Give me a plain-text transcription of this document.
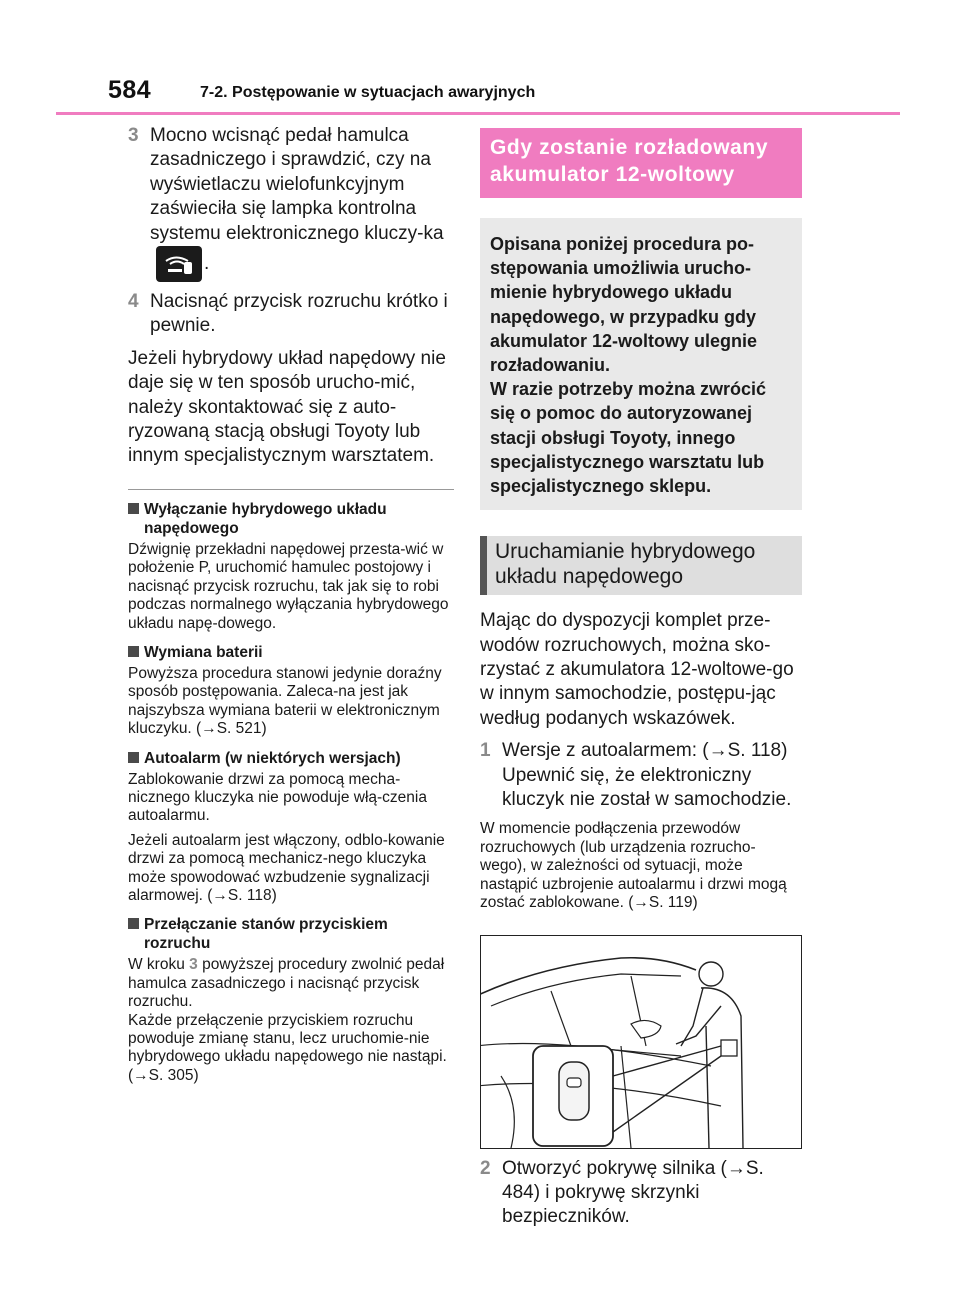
584	7-2. Postępowanie w sytuacjach awaryjnych
3 Mocno wcisnąć pedał hamulca zasadniczego i sprawdzić, czy na wyświetlaczu wielofunkcyjnym zaświeciła się lampka kontrolna systemu elektronicznego kluczy-ka
.
4 Nacisnąć przycisk rozruchu krótko i pewnie.
Jeżeli hybrydowy układ napędowy nie daje się w ten sposób urucho-mić, należy skontaktować się z auto-ryzowaną stacją obsługi Toyoty lub innym specjalistycznym warsztatem.
Wyłączanie hybrydowego układu napędowego
Dźwignię przekładni napędowej przesta-wić w położenie P, uruchomić hamulec postojowy i nacisnąć przycisk rozruchu, tak jak się to robi podczas normalnego wyłączania hybrydowego układu napę-dowego.
Wymiana baterii
Powyższa procedura stanowi jedynie doraźny sposób postępowania. Zaleca-na jest jak najszybsza wymiana baterii w elektronicznym kluczyku. (→S. 521)
Autoalarm (w niektórych wersjach)
Zablokowanie drzwi za pomocą mecha-nicznego kluczyka nie powoduje włą-czenia autoalarmu.
Jeżeli autoalarm jest włączony, odblo-kowanie drzwi za pomocą mechanicz-nego kluczyka może spowodować wzbudzenie sygnalizacji alarmowej. (→S. 118)
Przełączanie stanów przyciskiem rozruchu
W kroku 3 powyższej procedury zwolnić pedał hamulca zasadniczego i nacisnąć przycisk rozruchu.
Każde przełączenie przyciskiem rozruchu powoduje zmianę stanu, lecz uruchomie-nie hybrydowego układu napędowego nie nastąpi. (→S. 305)
Gdy zostanie rozładowany akumulator 12-woltowy
Opisana poniżej procedura po-stępowania umożliwia urucho-mienie hybrydowego układu napędowego, w przypadku gdy akumulator 12-woltowy ulegnie rozładowaniu.
W razie potrzeby można zwrócić się o pomoc do autoryzowanej stacji obsługi Toyoty, innego specjalistycznego warsztatu lub specjalistycznego sklepu.
Uruchamianie hybrydowego układu napędowego
Mając do dyspozycji komplet prze-wodów rozruchowych, można sko-rzystać z akumulatora 12-woltowe-go w innym samochodzie, postępu-jąc według podanych wskazówek.
1 Wersje z autoalarmem: (→S. 118) Upewnić się, że elektroniczny kluczyk nie został w samochodzie.
W momencie podłączenia przewodów rozruchowych (lub urządzenia rozrucho-wego), w zależności od sytuacji, może nastąpić uzbrojenie autoalarmu i drzwi mogą zostać zablokowane. (→S. 119)
2 Otworzyć pokrywę silnika (→S. 484) i pokrywę skrzynki bezpieczników.
